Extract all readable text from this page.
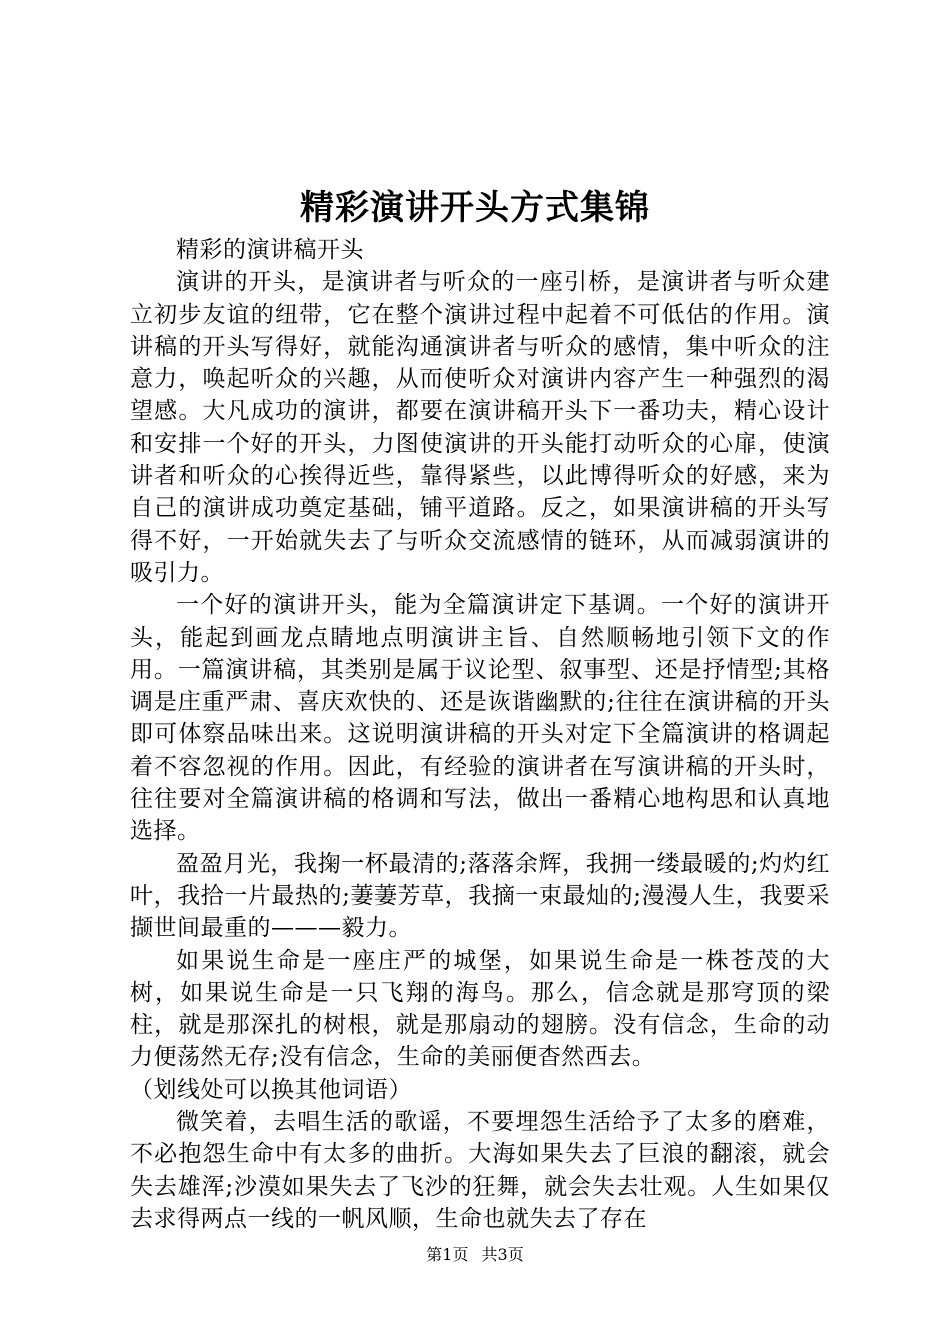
精彩演讲开头方式集锦

精彩的演讲稿开头

演讲的开头，是演讲者与听众的一座引桥，是演讲者与听众建立初步友谊的纽带，它在整个演讲过程中起着不可低估的作用。演讲稿的开头写得好，就能沟通演讲者与听众的感情，集中听众的注意力，唤起听众的兴趣，从而使听众对演讲内容产生一种强烈的渴望感。大凡成功的演讲，都要在演讲稿开头下一番功夫，精心设计和安排一个好的开头，力图使演讲的开头能打动听众的心扉，使演讲者和听众的心挨得近些，靠得紧些，以此博得听众的好感，来为自己的演讲成功奠定基础，铺平道路。反之，如果演讲稿的开头写得不好，一开始就失去了与听众交流感情的链环，从而减弱演讲的吸引力。

一个好的演讲开头，能为全篇演讲定下基调。一个好的演讲开头，能起到画龙点睛地点明演讲主旨、自然顺畅地引领下文的作用。一篇演讲稿，其类别是属于议论型、叙事型、还是抒情型;其格调是庄重严肃、喜庆欢快的、还是诙谐幽默的;往往在演讲稿的开头即可体察品味出来。这说明演讲稿的开头对定下全篇演讲的格调起着不容忽视的作用。因此，有经验的演讲者在写演讲稿的开头时，往往要对全篇演讲稿的格调和写法，做出一番精心地构思和认真地选择。

盈盈月光，我掬一杯最清的;落落余辉，我拥一缕最暖的;灼灼红叶，我拾一片最热的;萋萋芳草，我摘一束最灿的;漫漫人生，我要采撷世间最重的———毅力。

如果说生命是一座庄严的城堡，如果说生命是一株苍茂的大树，如果说生命是一只飞翔的海鸟。那么，信念就是那穹顶的梁柱，就是那深扎的树根，就是那扇动的翅膀。没有信念，生命的动力便荡然无存;没有信念，生命的美丽便杳然西去。

（划线处可以换其他词语）

微笑着，去唱生活的歌谣，不要埋怨生活给予了太多的磨难，不必抱怨生命中有太多的曲折。大海如果失去了巨浪的翻滚，就会失去雄浑;沙漠如果失去了飞沙的狂舞，就会失去壮观。人生如果仅去求得两点一线的一帆风顺，生命也就失去了存在

第1页 共3页
